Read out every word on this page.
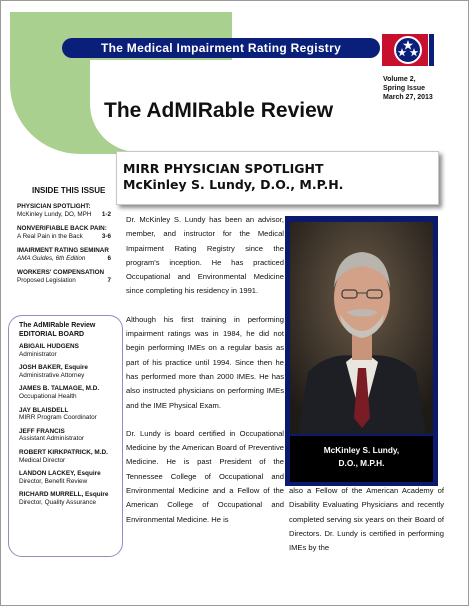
The Medical Impairment Rating Registry
The AdMIRable Review
Volume 2,
Spring Issue
March 27, 2013
MIRR PHYSICIAN SPOTLIGHT
McKinley S. Lundy, D.O., M.P.H.
INSIDE THIS ISSUE
PHYSICIAN SPOTLIGHT:
McKinley Lundy, DO, MPH	1-2
NONVERIFIABLE BACK PAIN:
A Real Pain in the Back	3-6
IMAIRMENT RATING SEMINAR
AMA Guides, 6th Edition	6
WORKERS' COMPENSATION
Proposed Legislation	7
The AdMIRable Review
EDITORIAL BOARD
ABIGAIL HUDGENS
Administrator
JOSH BAKER, Esquire
Administrative Attorney
JAMES B. TALMAGE, M.D.
Occupational Health
JAY BLAISDELL
MIRR Program Coordinator
JEFF FRANCIS
Assistant Administrator
ROBERT KIRKPATRICK, M.D.
Medical Director
LANDON LACKEY, Esquire
Director, Benefit Review
RICHARD MURRELL, Esquire
Director, Quality Assurance

Dr. McKinley S. Lundy has been an advisor, member, and instructor for the Medical Impairment Rating Registry since the program's inception. He has practiced Occupational and Environmental Medicine since completing his residency in 1991.

Although his first training in performing impairment ratings was in 1984, he did not begin performing IMEs on a regular basis as part of his practice until 1994. Since then he has performed more than 2000 IMEs. He has also instructed physicians on performing IMEs and the IME Physical Exam.

Dr. Lundy is board certified in Occupational Medicine by the American Board of Preventive Medicine. He is past President of the Tennessee College of Occupational and Environmental Medicine and a Fellow of the American College of Occupational and Environmental Medicine. He is

McKinley S. Lundy,
D.O., M.P.H.

also a Fellow of the American Academy of Disability Evaluating Physicians and recently completed serving six years on their Board of Directors. Dr. Lundy is certified in performing IMEs by the
